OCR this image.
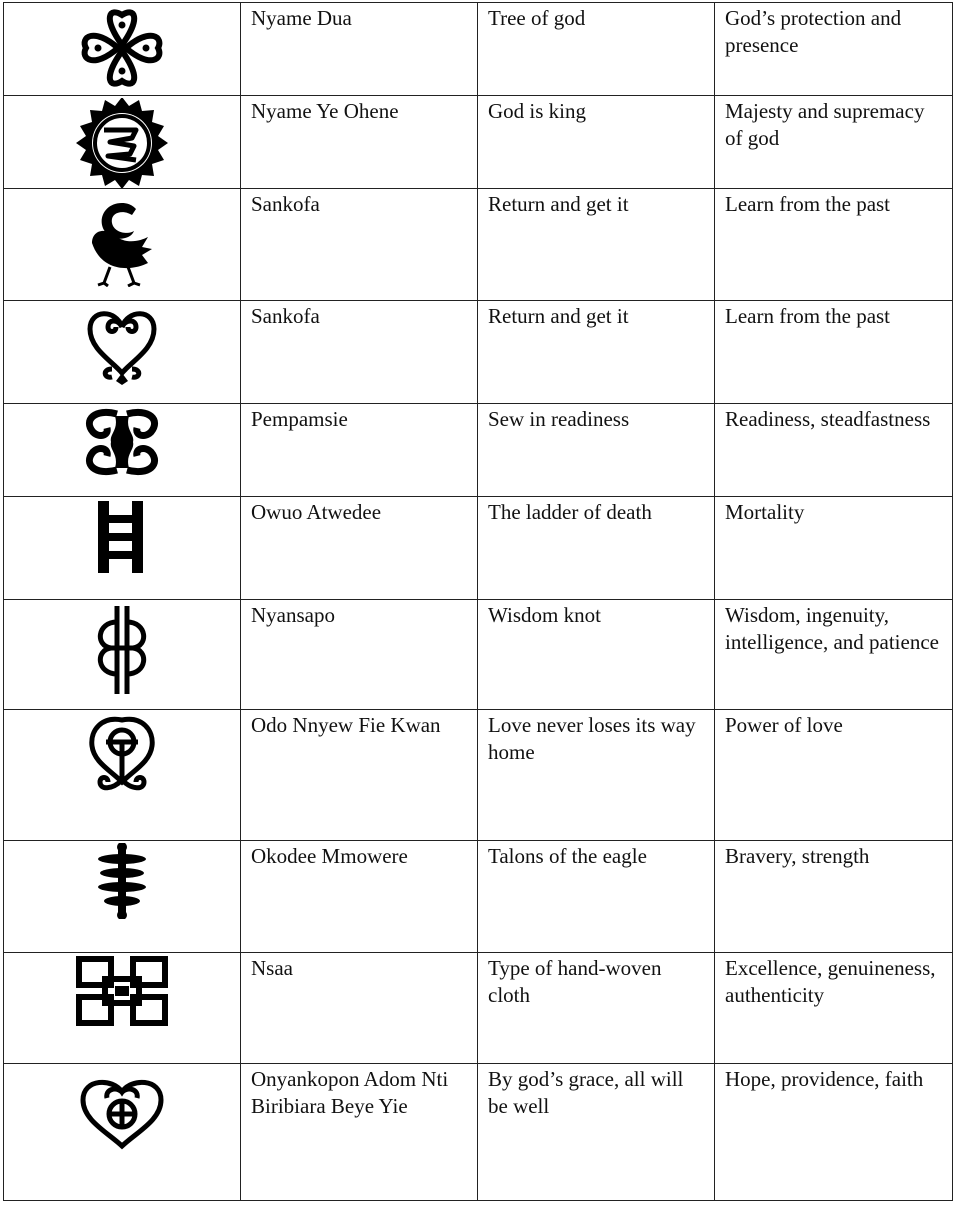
	Nyame Dua	Tree of god	God’s protection and presence

	Nyame Ye Ohene	God is king	Majesty and supremacy of god

	Sankofa	Return and get it	Learn from the past

	Sankofa	Return and get it	Learn from the past

	Pempamsie	Sew in readiness	Readiness, steadfastness

	Owuo Atwedee	The ladder of death	Mortality

	Nyansapo	Wisdom knot	Wisdom, ingenuity, intelligence, and patience

	Odo Nnyew Fie Kwan	Love never loses its way home	Power of love

	Okodee Mmowere	Talons of the eagle	Bravery, strength

	Nsaa	Type of hand-woven cloth	Excellence, genuineness, authenticity

	Onyankopon Adom Nti Biribiara Beye Yie	By god’s grace, all will be well	Hope, providence, faith
